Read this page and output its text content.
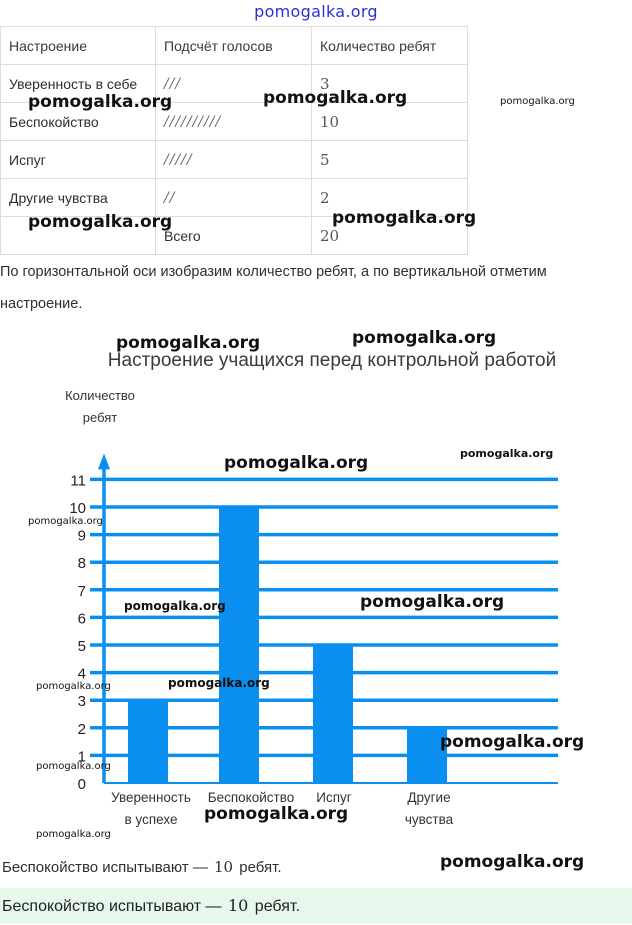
pomogalka.org
Настроение	Подсчёт голосов	Количество ребят
Уверенность в себе	///	3
Беспокойство	//////////	10
Испуг	/////	5
Другие чувства	//	2
	Всего	20
По горизонтальной оси изобразим количество ребят, а по вертикальной отметим настроение.
Настроение учащихся перед контрольной работой
0
1
2
3
4
5
6
7
8
9
10
11
Количество
ребят
Уверенность
в успехе
Беспокойство Испуг	Другие
чувства
Беспокойство испытывают — 10 ребят.
Беспокойство испытывают — 10 ребят.
pomogalka.org	pomogalka.org	pomogalka.org
pomogalka.org	pomogalka.org
pomogalka.org	pomogalka.org
pomogalka.org	pomogalka.org
pomogalka.org
pomogalka.org	pomogalka.org
pomogalka.org
pomogalka.org
pomogalka.org
pomogalka.org
pomogalka.org
pomogalka.org
pomogalka.org
